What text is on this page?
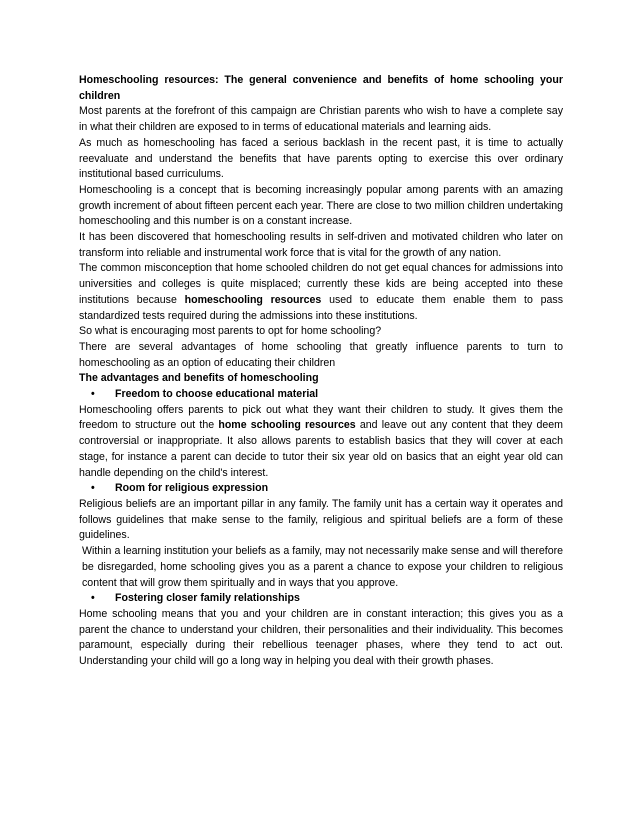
Homeschooling resources: The general convenience and benefits of home schooling your children

Most parents at the forefront of this campaign are Christian parents who wish to have a complete say in what their children are exposed to in terms of educational materials and learning aids.

As much as homeschooling has faced a serious backlash in the recent past, it is time to actually reevaluate and understand the benefits that have parents opting to exercise this over ordinary institutional based curriculums.

Homeschooling is a concept that is becoming increasingly popular among parents with an amazing growth increment of about fifteen percent each year. There are close to two million children undertaking homeschooling and this number is on a constant increase.

It has been discovered that homeschooling results in self-driven and motivated children who later on transform into reliable and instrumental work force that is vital for the growth of any nation.

The common misconception that home schooled children do not get equal chances for admissions into universities and colleges is quite misplaced; currently these kids are being accepted into these institutions because homeschooling resources used to educate them enable them to pass standardized tests required during the admissions into these institutions.

So what is encouraging most parents to opt for home schooling?

There are several advantages of home schooling that greatly influence parents to turn to homeschooling as an option of educating their children

The advantages and benefits of homeschooling

•	Freedom to choose educational material

Homeschooling offers parents to pick out what they want their children to study. It gives them the freedom to structure out the home schooling resources and leave out any content that they deem controversial or inappropriate. It also allows parents to establish basics that they will cover at each stage, for instance a parent can decide to tutor their six year old on basics that an eight year old can handle depending on the child's interest.

•	Room for religious expression

Religious beliefs are an important pillar in any family. The family unit has a certain way it operates and follows guidelines that make sense to the family, religious and spiritual beliefs are a form of these guidelines.

Within a learning institution your beliefs as a family, may not necessarily make sense and will therefore be disregarded, home schooling gives you as a parent a chance to expose your children to religious content that will grow them spiritually and in ways that you approve.

•	Fostering closer family relationships

Home schooling means that you and your children are in constant interaction; this gives you as a parent the chance to understand your children, their personalities and their individuality. This becomes paramount, especially during their rebellious teenager phases, where they tend to act out. Understanding your child will go a long way in helping you deal with their growth phases.
